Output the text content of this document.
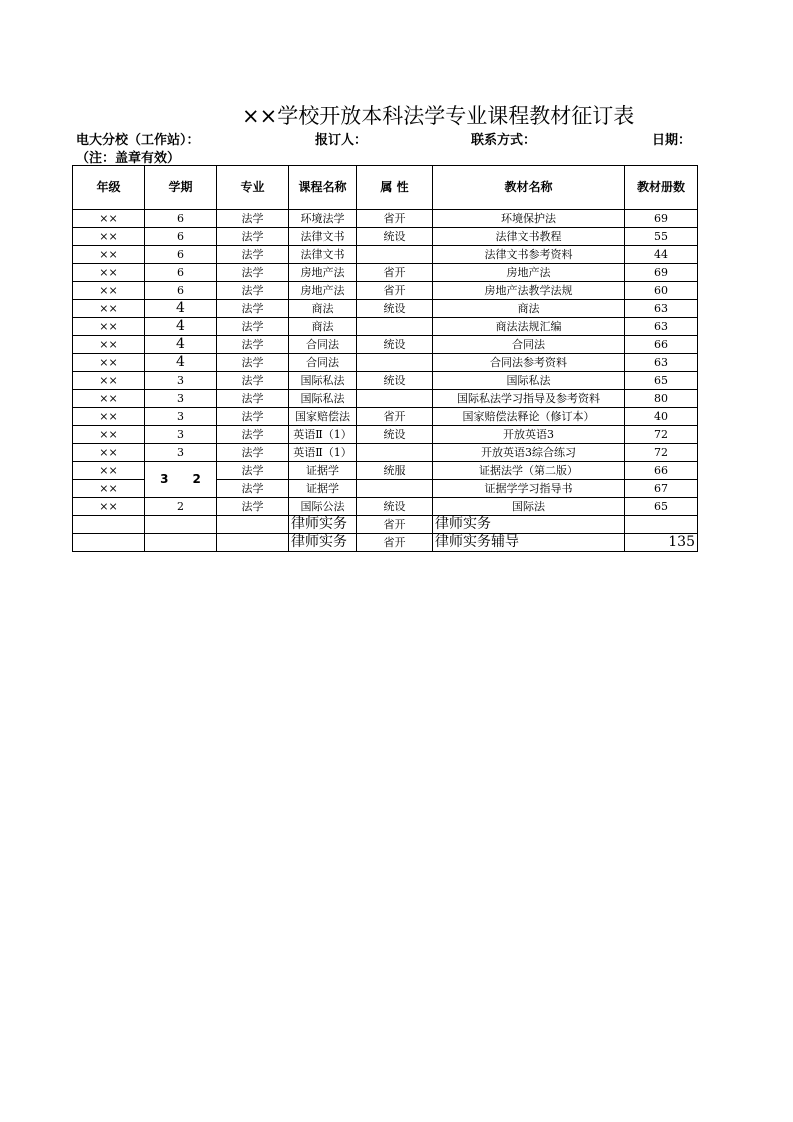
××学校开放本科法学专业课程教材征订表
电大分校（工作站）：	报订人：	联系方式：	日期：
（注：盖章有效）
年级	学期	专业	课程名称	属 性	教材名称	教材册数
××	6	法学	环境法学	省开	环境保护法	69
××	6	法学	法律文书	统设	法律文书教程	55
××	6	法学	法律文书		法律文书参考资料	44
××	6	法学	房地产法	省开	房地产法	69
××	6	法学	房地产法	省开	房地产法教学法规	60
××	4	法学	商法	统设	商法	63
××	4	法学	商法		商法法规汇编	63
××	4	法学	合同法	统设	合同法	66
××	4	法学	合同法		合同法参考资料	63
××	3	法学	国际私法	统设	国际私法	65
××	3	法学	国际私法		国际私法学习指导及参考资料	80
××	3	法学	国家赔偿法	省开	国家赔偿法释论（修订本）	40
××	3	法学	英语Ⅱ（1）	统设	开放英语3	72
××	3	法学	英语Ⅱ（1）		开放英语3综合练习	72
××	3　　2	法学	证据学	统服	证据法学（第二版）	66
××		法学	证据学		证据学学习指导书	67
××	2	法学	国际公法	统设	国际法	65
			律师实务	省开	律师实务	
			律师实务	省开	律师实务辅导	135
